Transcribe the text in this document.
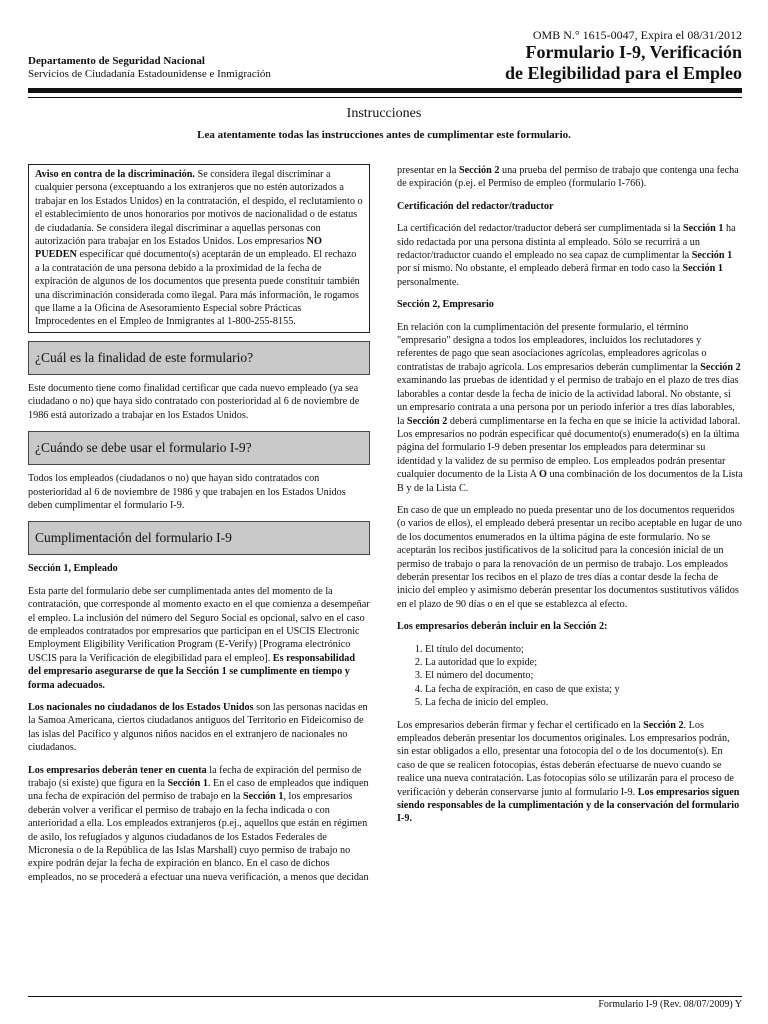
OMB N.° 1615-0047, Expira el 08/31/2012
Formulario I-9, Verificación
de Elegibilidad para el Empleo
Departamento de Seguridad Nacional
Servicios de Ciudadanía Estadounidense e Inmigración
Instrucciones
Lea atentamente todas las instrucciones antes de cumplimentar este formulario.

Aviso en contra de la discriminación. Se considera ilegal discriminar a cualquier persona (exceptuando a los extranjeros que no estén autorizados a trabajar en los Estados Unidos) en la contratación, el despido, el reclutamiento o el establecimiento de unos honorarios por motivos de nacionalidad o de estatus de ciudadanía. Se considera ilegal discriminar a aquellas personas con autorización para trabajar en los Estados Unidos. Los empresarios NO PUEDEN especificar qué documento(s) aceptarán de un empleado. El rechazo a la contratación de una persona debido a la proximidad de la fecha de expiración de algunos de los documentos que presenta puede constituir también una discriminación considerada como ilegal. Para más información, le rogamos que llame a la Oficina de Asesoramiento Especial sobre Prácticas Improcedentes en el Empleo de Inmigrantes al 1-800-255-8155.

¿Cuál es la finalidad de este formulario?

Este documento tiene como finalidad certificar que cada nuevo empleado (ya sea ciudadano o no) que haya sido contratado con posterioridad al 6 de noviembre de 1986 está autorizado a trabajar en los Estados Unidos.

¿Cuándo se debe usar el formulario I-9?

Todos los empleados (ciudadanos o no) que hayan sido contratados con posterioridad al 6 de noviembre de 1986 y que trabajen en los Estados Unidos deben cumplimentar el formulario I-9.

Cumplimentación del formulario I-9

Sección 1, Empleado

Esta parte del formulario debe ser cumplimentada antes del momento de la contratación, que corresponde al momento exacto en el que comienza a desempeñar el empleo. La inclusión del número del Seguro Social es opcional, salvo en el caso de empleados contratados por empresarios que participan en el USCIS Electronic Employment Eligibility Verification Program (E-Verify) [Programa electrónico USCIS para la Verificación de elegibilidad para el empleo]. Es responsabilidad del empresario asegurarse de que la Sección 1 se cumplimente en tiempo y forma adecuados.

Los nacionales no ciudadanos de los Estados Unidos son las personas nacidas en la Samoa Americana, ciertos ciudadanos antiguos del Territorio en Fideicomiso de las islas del Pacífico y algunos niños nacidos en el extranjero de nacionales no ciudadanos.

Los empresarios deberán tener en cuenta la fecha de expiración del permiso de trabajo (si existe) que figura en la Sección 1. En el caso de empleados que indiquen una fecha de expiración del permiso de trabajo en la Sección 1, los empresarios deberán volver a verificar el permiso de trabajo en la fecha indicada o con anterioridad a ella. Los empleados extranjeros (p.ej., aquellos que están en régimen de asilo, los refugiados y algunos ciudadanos de los Estados Federales de Micronesia o de la República de las Islas Marshall) cuyo permiso de trabajo no expire podrán dejar la fecha de expiración en blanco. En el caso de dichos empleados, no se procederá a efectuar una nueva verificación, a menos que decidan

presentar en la Sección 2 una prueba del permiso de trabajo que contenga una fecha de expiración (p.ej. el Permiso de empleo (formulario I-766).

Certificación del redactor/traductor

La certificación del redactor/traductor deberá ser cumplimentada si la Sección 1 ha sido redactada por una persona distinta al empleado. Sólo se recurrirá a un redactor/traductor cuando el empleado no sea capaz de cumplimentar la Sección 1 por sí mismo. No obstante, el empleado deberá firmar en todo caso la Sección 1 personalmente.

Sección 2, Empresario

En relación con la cumplimentación del presente formulario, el término "empresario" designa a todos los empleadores, incluidos los reclutadores y referentes de pago que sean asociaciones agrícolas, empleadores agrícolas o contratistas de trabajo agrícola. Los empresarios deberán cumplimentar la Sección 2 examinando las pruebas de identidad y el permiso de trabajo en el plazo de tres días laborables a contar desde la fecha de inicio de la actividad laboral. No obstante, si un empresario contrata a una persona por un periodo inferior a tres días laborables, la Sección 2 deberá cumplimentarse en la fecha en que se inicie la actividad laboral. Los empresarios no podrán especificar qué documento(s) enumerado(s) en la última página del formulario I-9 deben presentar los empleados para determinar su identidad y la validez de su permiso de empleo. Los empleados podrán presentar cualquier documento de la Lista A O una combinación de los documentos de la Lista B y de la Lista C.

En caso de que un empleado no pueda presentar uno de los documentos requeridos (o varios de ellos), el empleado deberá presentar un recibo aceptable en lugar de uno de los documentos enumerados en la última página de este formulario. No se aceptarán los recibos justificativos de la solicitud para la concesión inicial de un permiso de trabajo o para la renovación de un permiso de trabajo. Los empleados deberán presentar los recibos en el plazo de tres días a contar desde la fecha de inicio del empleo y asimismo deberán presentar los documentos sustitutivos válidos en el plazo de 90 días o en el que se establezca al efecto.

Los empresarios deberán incluir en la Sección 2:

1. El título del documento;
2. La autoridad que lo expide;
3. El número del documento;
4. La fecha de expiración, en caso de que exista; y
5. La fecha de inicio del empleo.

Los empresarios deberán firmar y fechar el certificado en la Sección 2. Los empleados deberán presentar los documentos originales. Los empresarios podrán, sin estar obligados a ello, presentar una fotocopia del o de los documento(s). En caso de que se realicen fotocopias, éstas deberán efectuarse de nuevo cuando se realice una nueva contratación. Las fotocopias sólo se utilizarán para el proceso de verificación y deberán conservarse junto al formulario I-9. Los empresarios siguen siendo responsables de la cumplimentación y de la conservación del formulario I-9.

Formulario I-9 (Rev. 08/07/2009) Y
